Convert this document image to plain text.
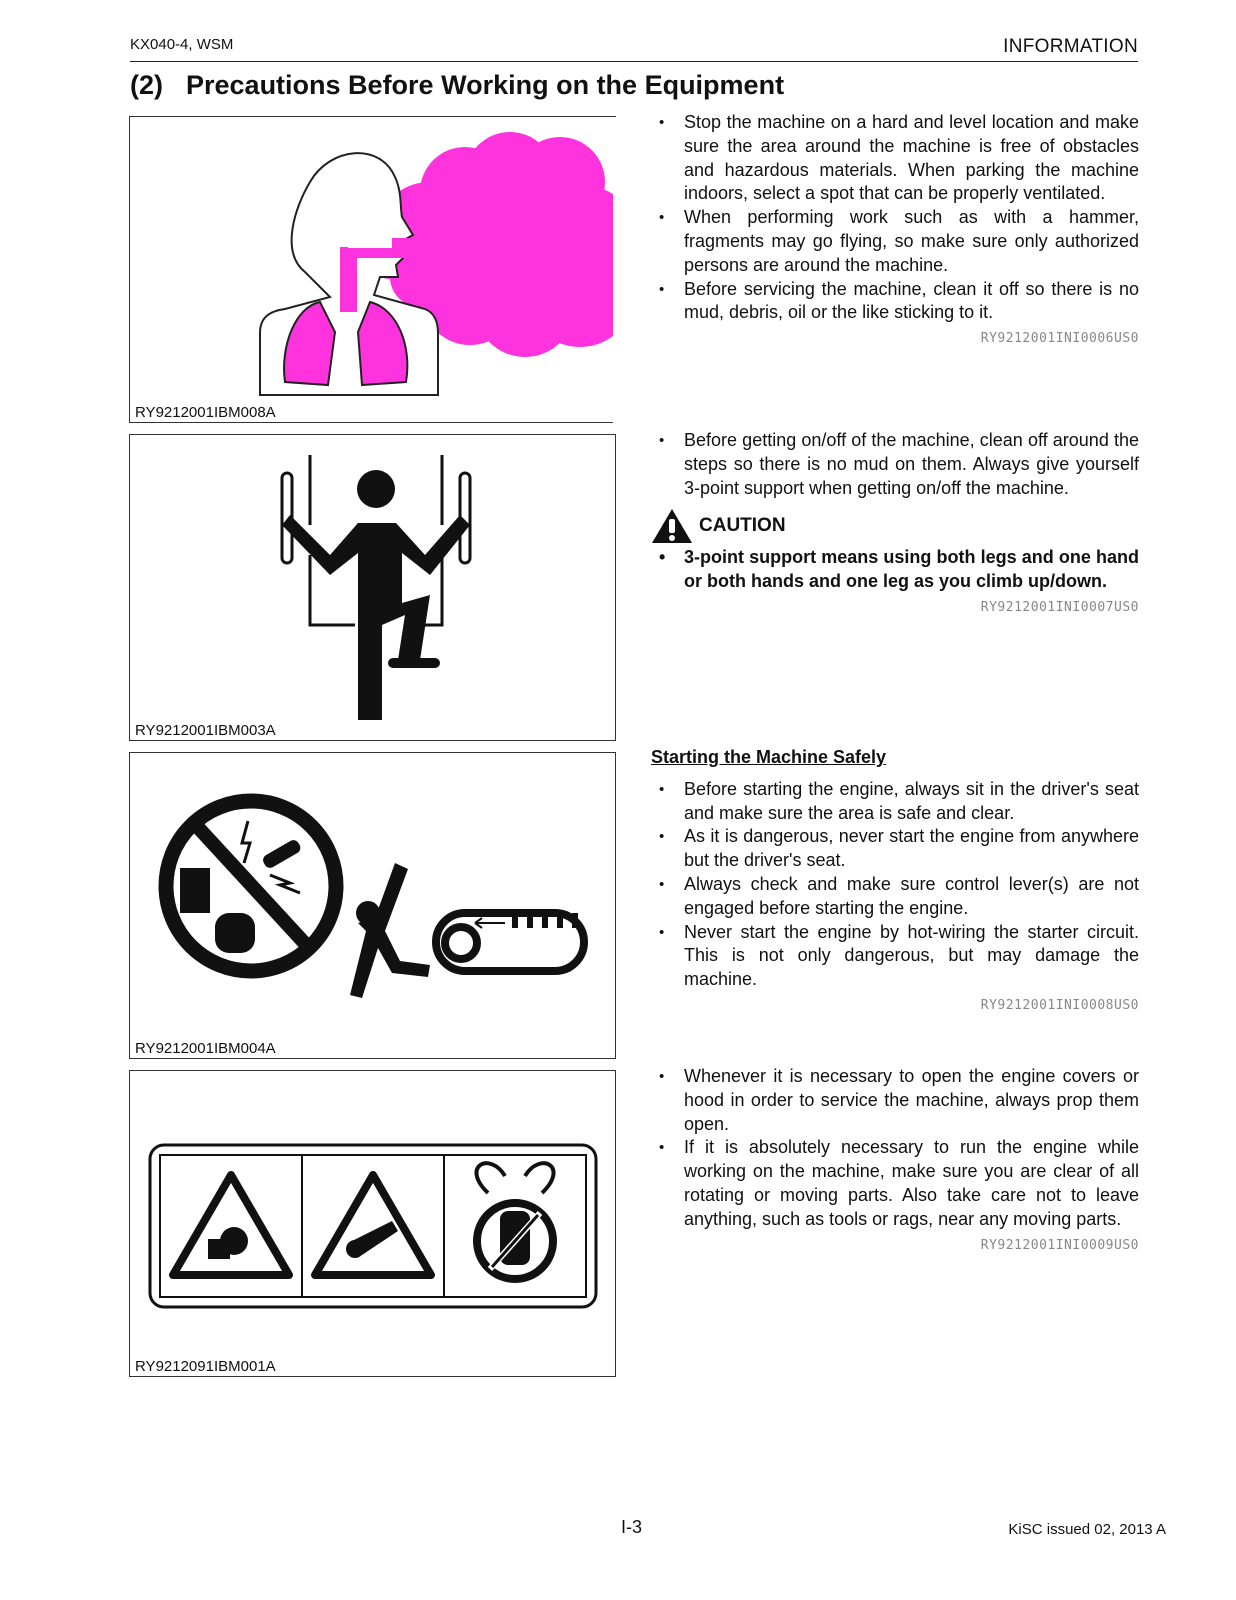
KX040-4, WSM	INFORMATION
(2) Precautions Before Working on the Equipment
RY9212001IBM008A
RY9212001IBM003A
RY9212001IBM004A
RY9212091IBM001A
• Stop the machine on a hard and level location and make sure the area around the machine is free of obstacles and hazardous materials. When parking the machine indoors, select a spot that can be properly ventilated.
• When performing work such as with a hammer, fragments may go flying, so make sure only authorized persons are around the machine.
• Before servicing the machine, clean it off so there is no mud, debris, oil or the like sticking to it.
RY9212001INI0006US0
• Before getting on/off of the machine, clean off around the steps so there is no mud on them. Always give yourself 3-point support when getting on/off the machine.
CAUTION
• 3-point support means using both legs and one hand or both hands and one leg as you climb up/down.
RY9212001INI0007US0
Starting the Machine Safely
• Before starting the engine, always sit in the driver's seat and make sure the area is safe and clear.
• As it is dangerous, never start the engine from anywhere but the driver's seat.
• Always check and make sure control lever(s) are not engaged before starting the engine.
• Never start the engine by hot-wiring the starter circuit. This is not only dangerous, but may damage the machine.
RY9212001INI0008US0
• Whenever it is necessary to open the engine covers or hood in order to service the machine, always prop them open.
• If it is absolutely necessary to run the engine while working on the machine, make sure you are clear of all rotating or moving parts. Also take care not to leave anything, such as tools or rags, near any moving parts.
RY9212001INI0009US0
I-3	KiSC issued 02, 2013 A
